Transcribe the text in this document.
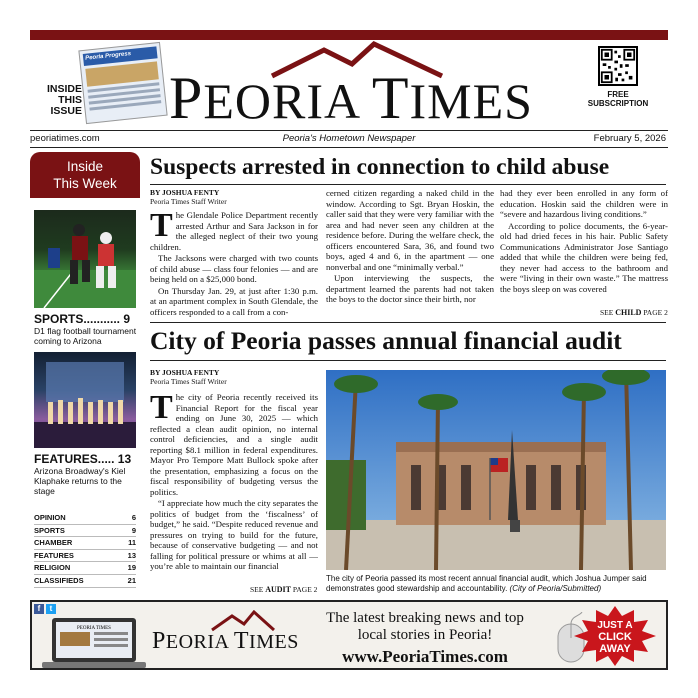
INSIDE
THIS
ISSUE
Peoria Progress
PEORIA TIMES	FREE
SUBSCRIPTION
Peoria's Hometown Newspaper
peoriatimes.com	February 5, 2026
Inside
This Week
SPORTS........... 9
D1 flag football tournament coming to Arizona
FEATURES..... 13
Arizona Broadway's Kiel Klaphake returns to the stage
OPINION	6
SPORTS	9
CHAMBER	11
FEATURES	13
RELIGION	19
CLASSIFIEDS	21
Suspects arrested in connection to child abuse
BY JOSHUA FENTY
Peoria Times Staff Writer

The Glendale Police Department recently arrested Arthur and Sara Jackson in for the alleged neglect of their two young children.

The Jacksons were charged with two counts of child abuse — class four felonies — and are being held on a $25,000 bond.

On Thursday Jan. 29, at just after 1:30 p.m. at an apartment complex in South Glendale, the officers responded to a call from a con-

cerned citizen regarding a naked child in the window. According to Sgt. Bryan Hoskin, the caller said that they were very familiar with the area and had never seen any children at the residence before. During the welfare check, the officers encountered Sara, 36, and found two boys, aged 4 and 6, in the apartment — one nonverbal and one “minimally verbal.”

Upon interviewing the suspects, the department learned the parents had not taken the boys to the doctor since their birth, nor

had they ever been enrolled in any form of education. Hoskin said the children were in “severe and hazardous living conditions.”

According to police documents, the 6-year-old had dried feces in his hair. Public Safety Communications Administrator Jose Santiago added that while the children were being fed, they never had access to the bathroom and were “living in their own waste.” The mattress the boys sleep on was covered

SEE CHILD PAGE 2
City of Peoria passes annual financial audit
BY JOSHUA FENTY
Peoria Times Staff Writer

The city of Peoria recently received its Financial Report for the fiscal year ending on June 30, 2025 — which reflected a clean audit opinion, no internal control deficiencies, and a single audit reporting $8.1 million in federal expenditures. Mayor Pro Tempore Matt Bullock spoke after the presentation, emphasizing a focus on the fiscal responsibility of budgeting versus the politics.

“I appreciate how much the city separates the politics of budget from the ‘fiscalness’ of budget,” he said. “Despite reduced revenue and pressures on trying to build for the future, because of conservative budgeting — and not falling for political pressure or whims at all — you’re able to maintain our financial

SEE AUDIT PAGE 2
The city of Peoria passed its most recent annual financial audit, which Joshua Jumper said demonstrates good stewardship and accountability. (City of Peoria/Submitted)
f	t
PEORIA TIMES PEORIA TIMES
The latest breaking news and top
local stories in Peoria!
www.PeoriaTimes.com
JUST A
CLICK
AWAY
